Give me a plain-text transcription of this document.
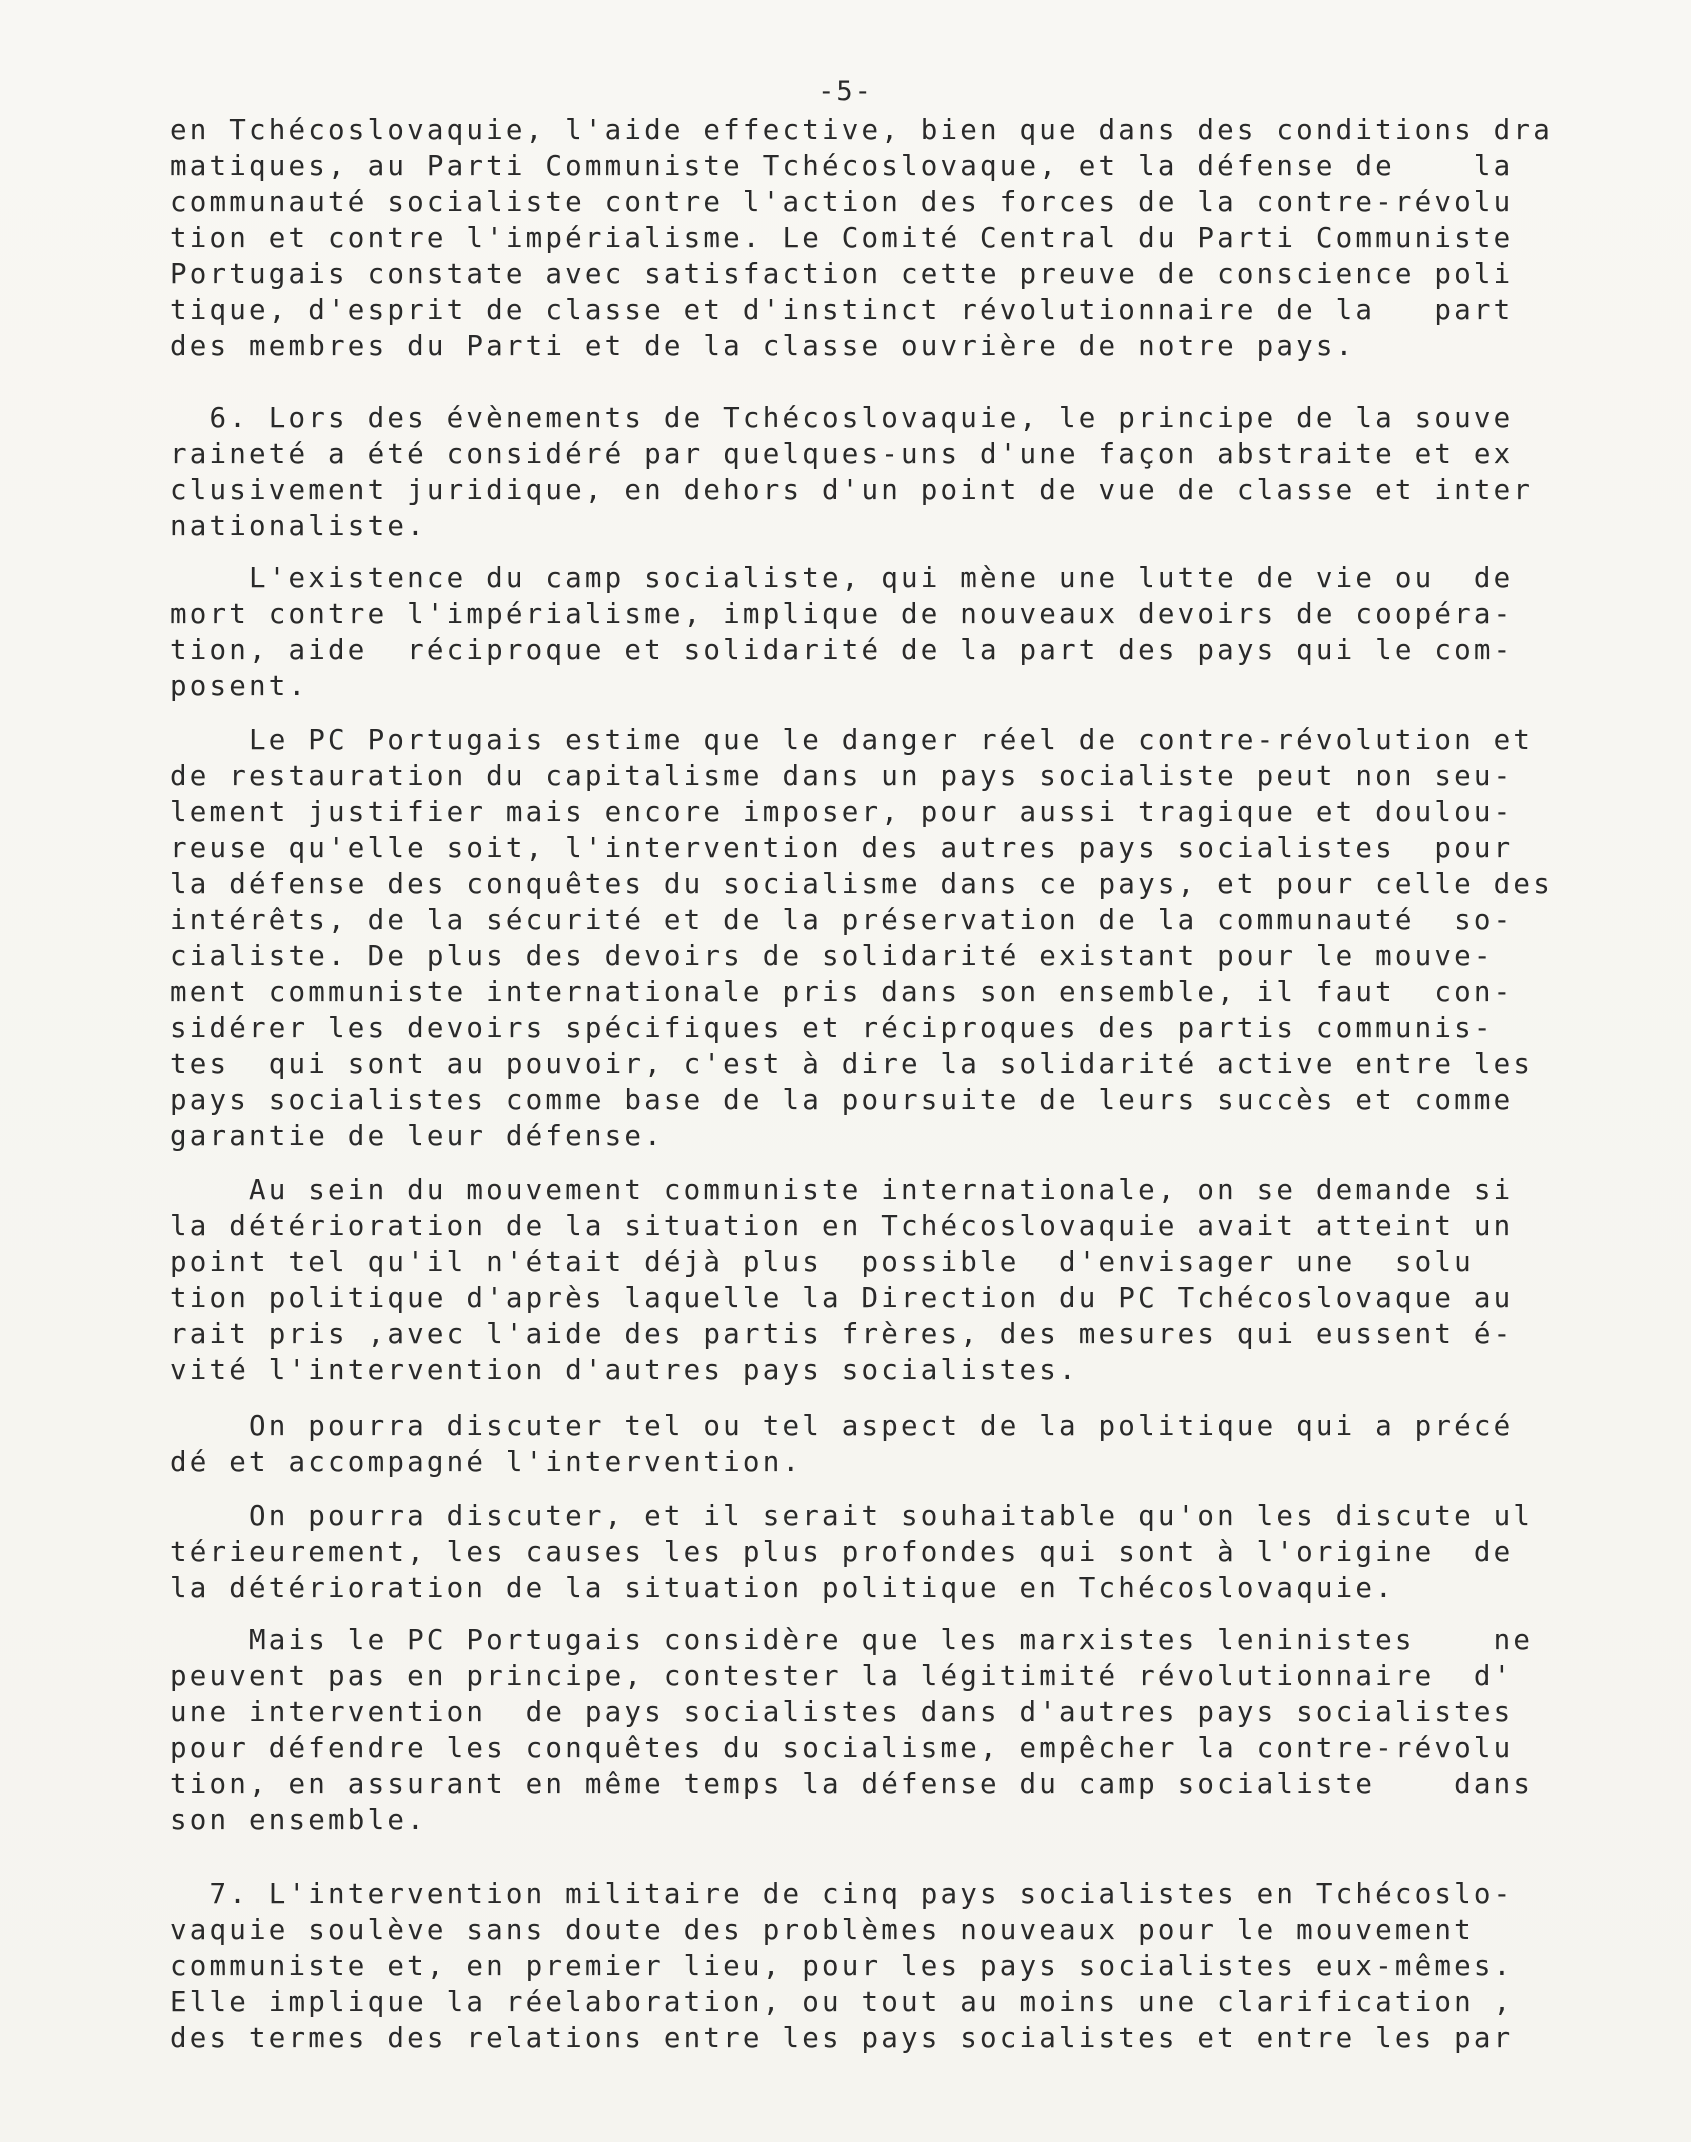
-5-
en Tchécoslovaquie, l'aide effective, bien que dans des conditions dra
matiques, au Parti Communiste Tchécoslovaque, et la défense de    la
communauté socialiste contre l'action des forces de la contre-révolu
tion et contre l'impérialisme. Le Comité Central du Parti Communiste
Portugais constate avec satisfaction cette preuve de conscience poli
tique, d'esprit de classe et d'instinct révolutionnaire de la   part
des membres du Parti et de la classe ouvrière de notre pays.
6. Lors des évènements de Tchécoslovaquie, le principe de la souve
raineté a été considéré par quelques-uns d'une façon abstraite et ex
clusivement juridique, en dehors d'un point de vue de classe et inter
nationaliste.
L'existence du camp socialiste, qui mène une lutte de vie ou  de
mort contre l'impérialisme, implique de nouveaux devoirs de coopéra-
tion, aide  réciproque et solidarité de la part des pays qui le com-
posent.
Le PC Portugais estime que le danger réel de contre-révolution et
de restauration du capitalisme dans un pays socialiste peut non seu-
lement justifier mais encore imposer, pour aussi tragique et doulou-
reuse qu'elle soit, l'intervention des autres pays socialistes  pour
la défense des conquêtes du socialisme dans ce pays, et pour celle des
intérêts, de la sécurité et de la préservation de la communauté  so-
cialiste. De plus des devoirs de solidarité existant pour le mouve-
ment communiste internationale pris dans son ensemble, il faut  con-
sidérer les devoirs spécifiques et réciproques des partis communis-
tes  qui sont au pouvoir, c'est à dire la solidarité active entre les
pays socialistes comme base de la poursuite de leurs succès et comme
garantie de leur défense.
Au sein du mouvement communiste internationale, on se demande si
la détérioration de la situation en Tchécoslovaquie avait atteint un
point tel qu'il n'était déjà plus  possible  d'envisager une  solu
tion politique d'après laquelle la Direction du PC Tchécoslovaque au
rait pris ,avec l'aide des partis frères, des mesures qui eussent é-
vité l'intervention d'autres pays socialistes.
On pourra discuter tel ou tel aspect de la politique qui a précé
dé et accompagné l'intervention.
On pourra discuter, et il serait souhaitable qu'on les discute ul
térieurement, les causes les plus profondes qui sont à l'origine  de
la détérioration de la situation politique en Tchécoslovaquie.
Mais le PC Portugais considère que les marxistes leninistes    ne
peuvent pas en principe, contester la légitimité révolutionnaire  d'
une intervention  de pays socialistes dans d'autres pays socialistes
pour défendre les conquêtes du socialisme, empêcher la contre-révolu
tion, en assurant en même temps la défense du camp socialiste    dans
son ensemble.
7. L'intervention militaire de cinq pays socialistes en Tchécoslo-
vaquie soulève sans doute des problèmes nouveaux pour le mouvement
communiste et, en premier lieu, pour les pays socialistes eux-mêmes.
Elle implique la réelaboration, ou tout au moins une clarification ,
des termes des relations entre les pays socialistes et entre les par
